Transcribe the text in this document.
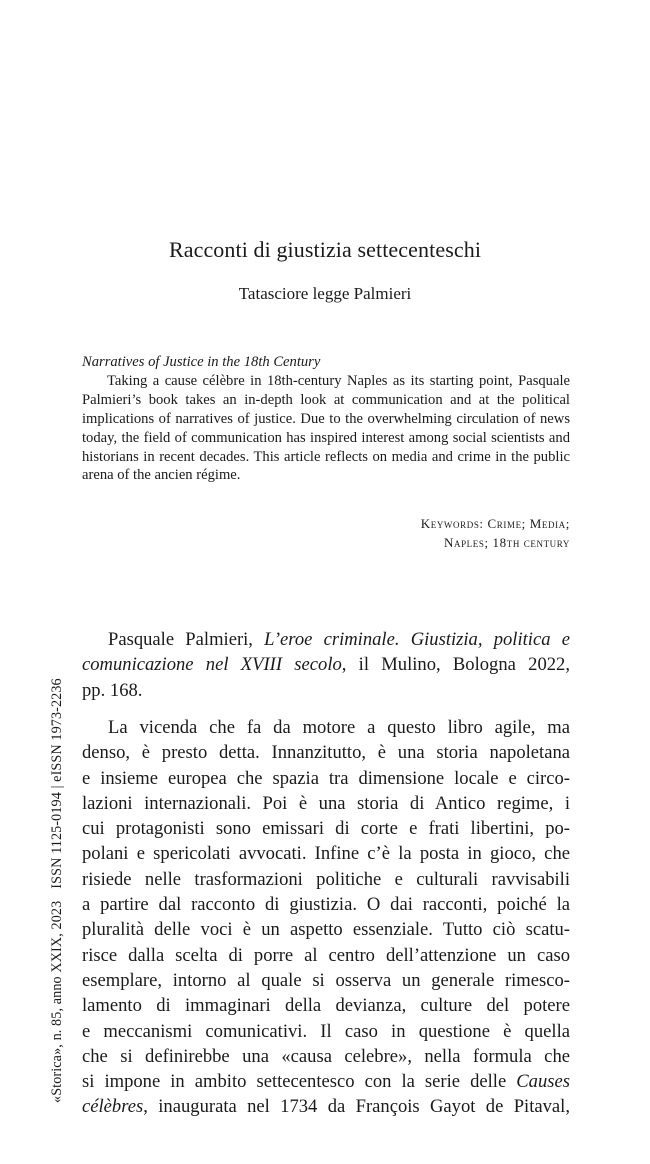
Racconti di giustizia settecenteschi
Tatasciore legge Palmieri
Narratives of Justice in the 18th Century
Taking a cause célèbre in 18th-century Naples as its starting point, Pasquale Palmieri’s book takes an in-depth look at communication and at the political implications of narratives of justice. Due to the overwhelming circulation of news today, the field of communication has inspired interest among social scientists and historians in recent decades. This article reflects on media and crime in the public arena of the ancien régime.
Keywords: Crime; Media;
Naples; 18th century
«Storica», n. 85, anno XXIX, 2023ISSN 1125-0194 | eISSN 1973-2236
Pasquale Palmieri, L’eroe criminale. Giustizia, politica e
comunicazione nel XVIII secolo, il Mulino, Bologna 2022,
pp. 168.
La vicenda che fa da motore a questo libro agile, ma
denso, è presto detta. Innanzitutto, è una storia napoletana
e insieme europea che spazia tra dimensione locale e circo-
lazioni internazionali. Poi è una storia di Antico regime, i
cui protagonisti sono emissari di corte e frati libertini, po-
polani e spericolati avvocati. Infine c’è la posta in gioco, che
risiede nelle trasformazioni politiche e culturali ravvisabili
a partire dal racconto di giustizia. O dai racconti, poiché la
pluralità delle voci è un aspetto essenziale. Tutto ciò scatu-
risce dalla scelta di porre al centro dell’attenzione un caso
esemplare, intorno al quale si osserva un generale rimesco-
lamento di immaginari della devianza, culture del potere
e meccanismi comunicativi. Il caso in questione è quella
che si definirebbe una «causa celebre», nella formula che
si impone in ambito settecentesco con la serie delle Causes
célèbres, inaugurata nel 1734 da François Gayot de Pitaval,
